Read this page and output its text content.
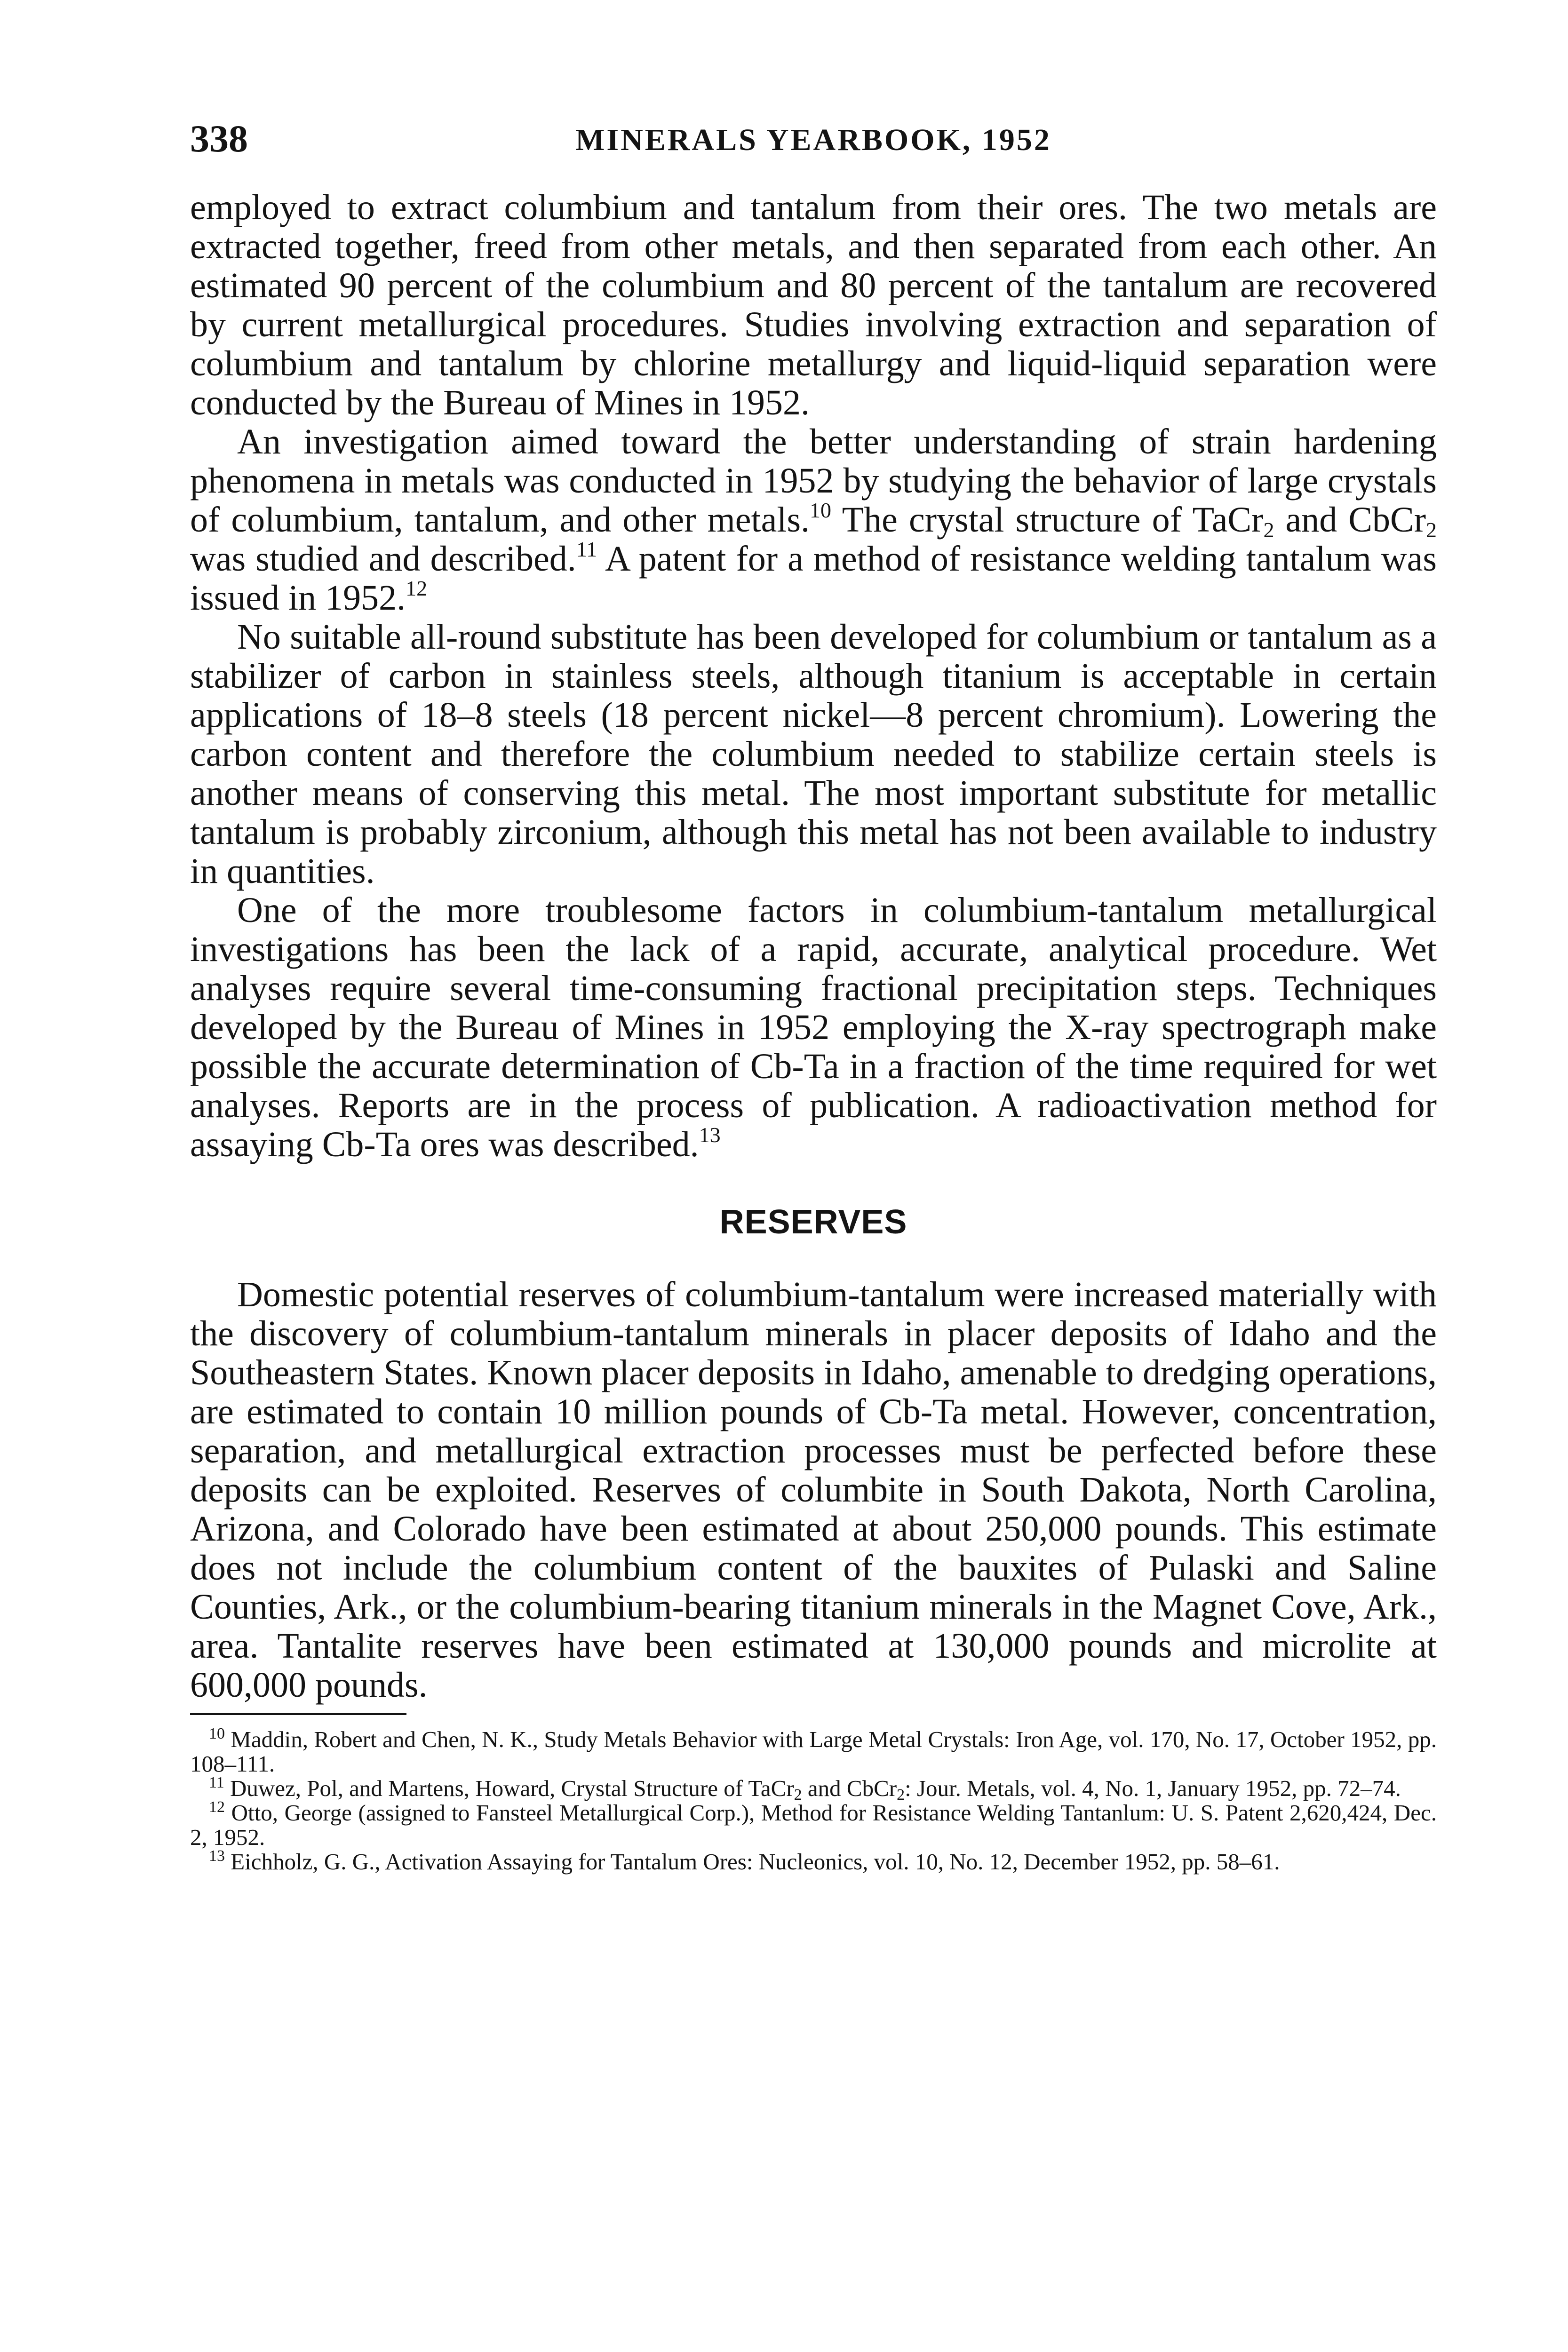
338	MINERALS YEARBOOK, 1952

employed to extract columbium and tantalum from their ores. The two metals are extracted together, freed from other metals, and then separated from each other. An estimated 90 percent of the columbium and 80 percent of the tantalum are recovered by current metallurgical procedures. Studies involving extraction and separation of columbium and tantalum by chlorine metallurgy and liquid-liquid separation were conducted by the Bureau of Mines in 1952.

An investigation aimed toward the better understanding of strain hardening phenomena in metals was conducted in 1952 by studying the behavior of large crystals of columbium, tantalum, and other metals.$^{10}$ The crystal structure of TaCr$_2$ and CbCr$_2$ was studied and described.$^{11}$ A patent for a method of resistance welding tantalum was issued in 1952.12

No suitable all-round substitute has been developed for columbium or tantalum as a stabilizer of carbon in stainless steels, although titanium is acceptable in certain applications of 18–8 steels (18 percent nickel—8 percent chromium). Lowering the carbon content and therefore the columbium needed to stabilize certain steels is another means of conserving this metal. The most important substitute for metallic tantalum is probably zirconium, although this metal has not been available to industry in quantities.

One of the more troublesome factors in columbium-tantalum metallurgical investigations has been the lack of a rapid, accurate, analytical procedure. Wet analyses require several time-consuming fractional precipitation steps. Techniques developed by the Bureau of Mines in 1952 employing the X-ray spectrograph make possible the accurate determination of Cb-Ta in a fraction of the time required for wet analyses. Reports are in the process of publication. A radioactivation method for assaying Cb-Ta ores was described.$^{13}$

RESERVES

Domestic potential reserves of columbium-tantalum were increased materially with the discovery of columbium-tantalum minerals in placer deposits of Idaho and the Southeastern States. Known placer deposits in Idaho, amenable to dredging operations, are estimated to contain 10 million pounds of Cb-Ta metal. However, concentration, separation, and metallurgical extraction processes must be perfected before these deposits can be exploited. Reserves of columbite in South Dakota, North Carolina, Arizona, and Colorado have been estimated at about 250,000 pounds. This estimate does not include the columbium content of the bauxites of Pulaski and Saline Counties, Ark., or the columbium-bearing titanium minerals in the Magnet Cove, Ark., area. Tantalite reserves have been estimated at 130,000 pounds and microlite at 600,000 pounds.

$^{10}$ Maddin, Robert and Chen, N. K., Study Metals Behavior with Large Metal Crystals: Iron Age, vol. 170, No. 17, October 1952, pp. 108–111.

$^{11}$ Duwez, Pol, and Martens, Howard, Crystal Structure of TaCr$_2$ and CbCr$_2$: Jour. Metals, vol. 4, No. 1, January 1952, pp. 72–74.

$^{12}$ Otto, George (assigned to Fansteel Metallurgical Corp.), Method for Resistance Welding Tantanlum: U. S. Patent 2,620,424, Dec. 2, 1952.

$^{13}$ Eichholz, G. G., Activation Assaying for Tantalum Ores: Nucleonics, vol. 10, No. 12, December 1952, pp. 58–61.
